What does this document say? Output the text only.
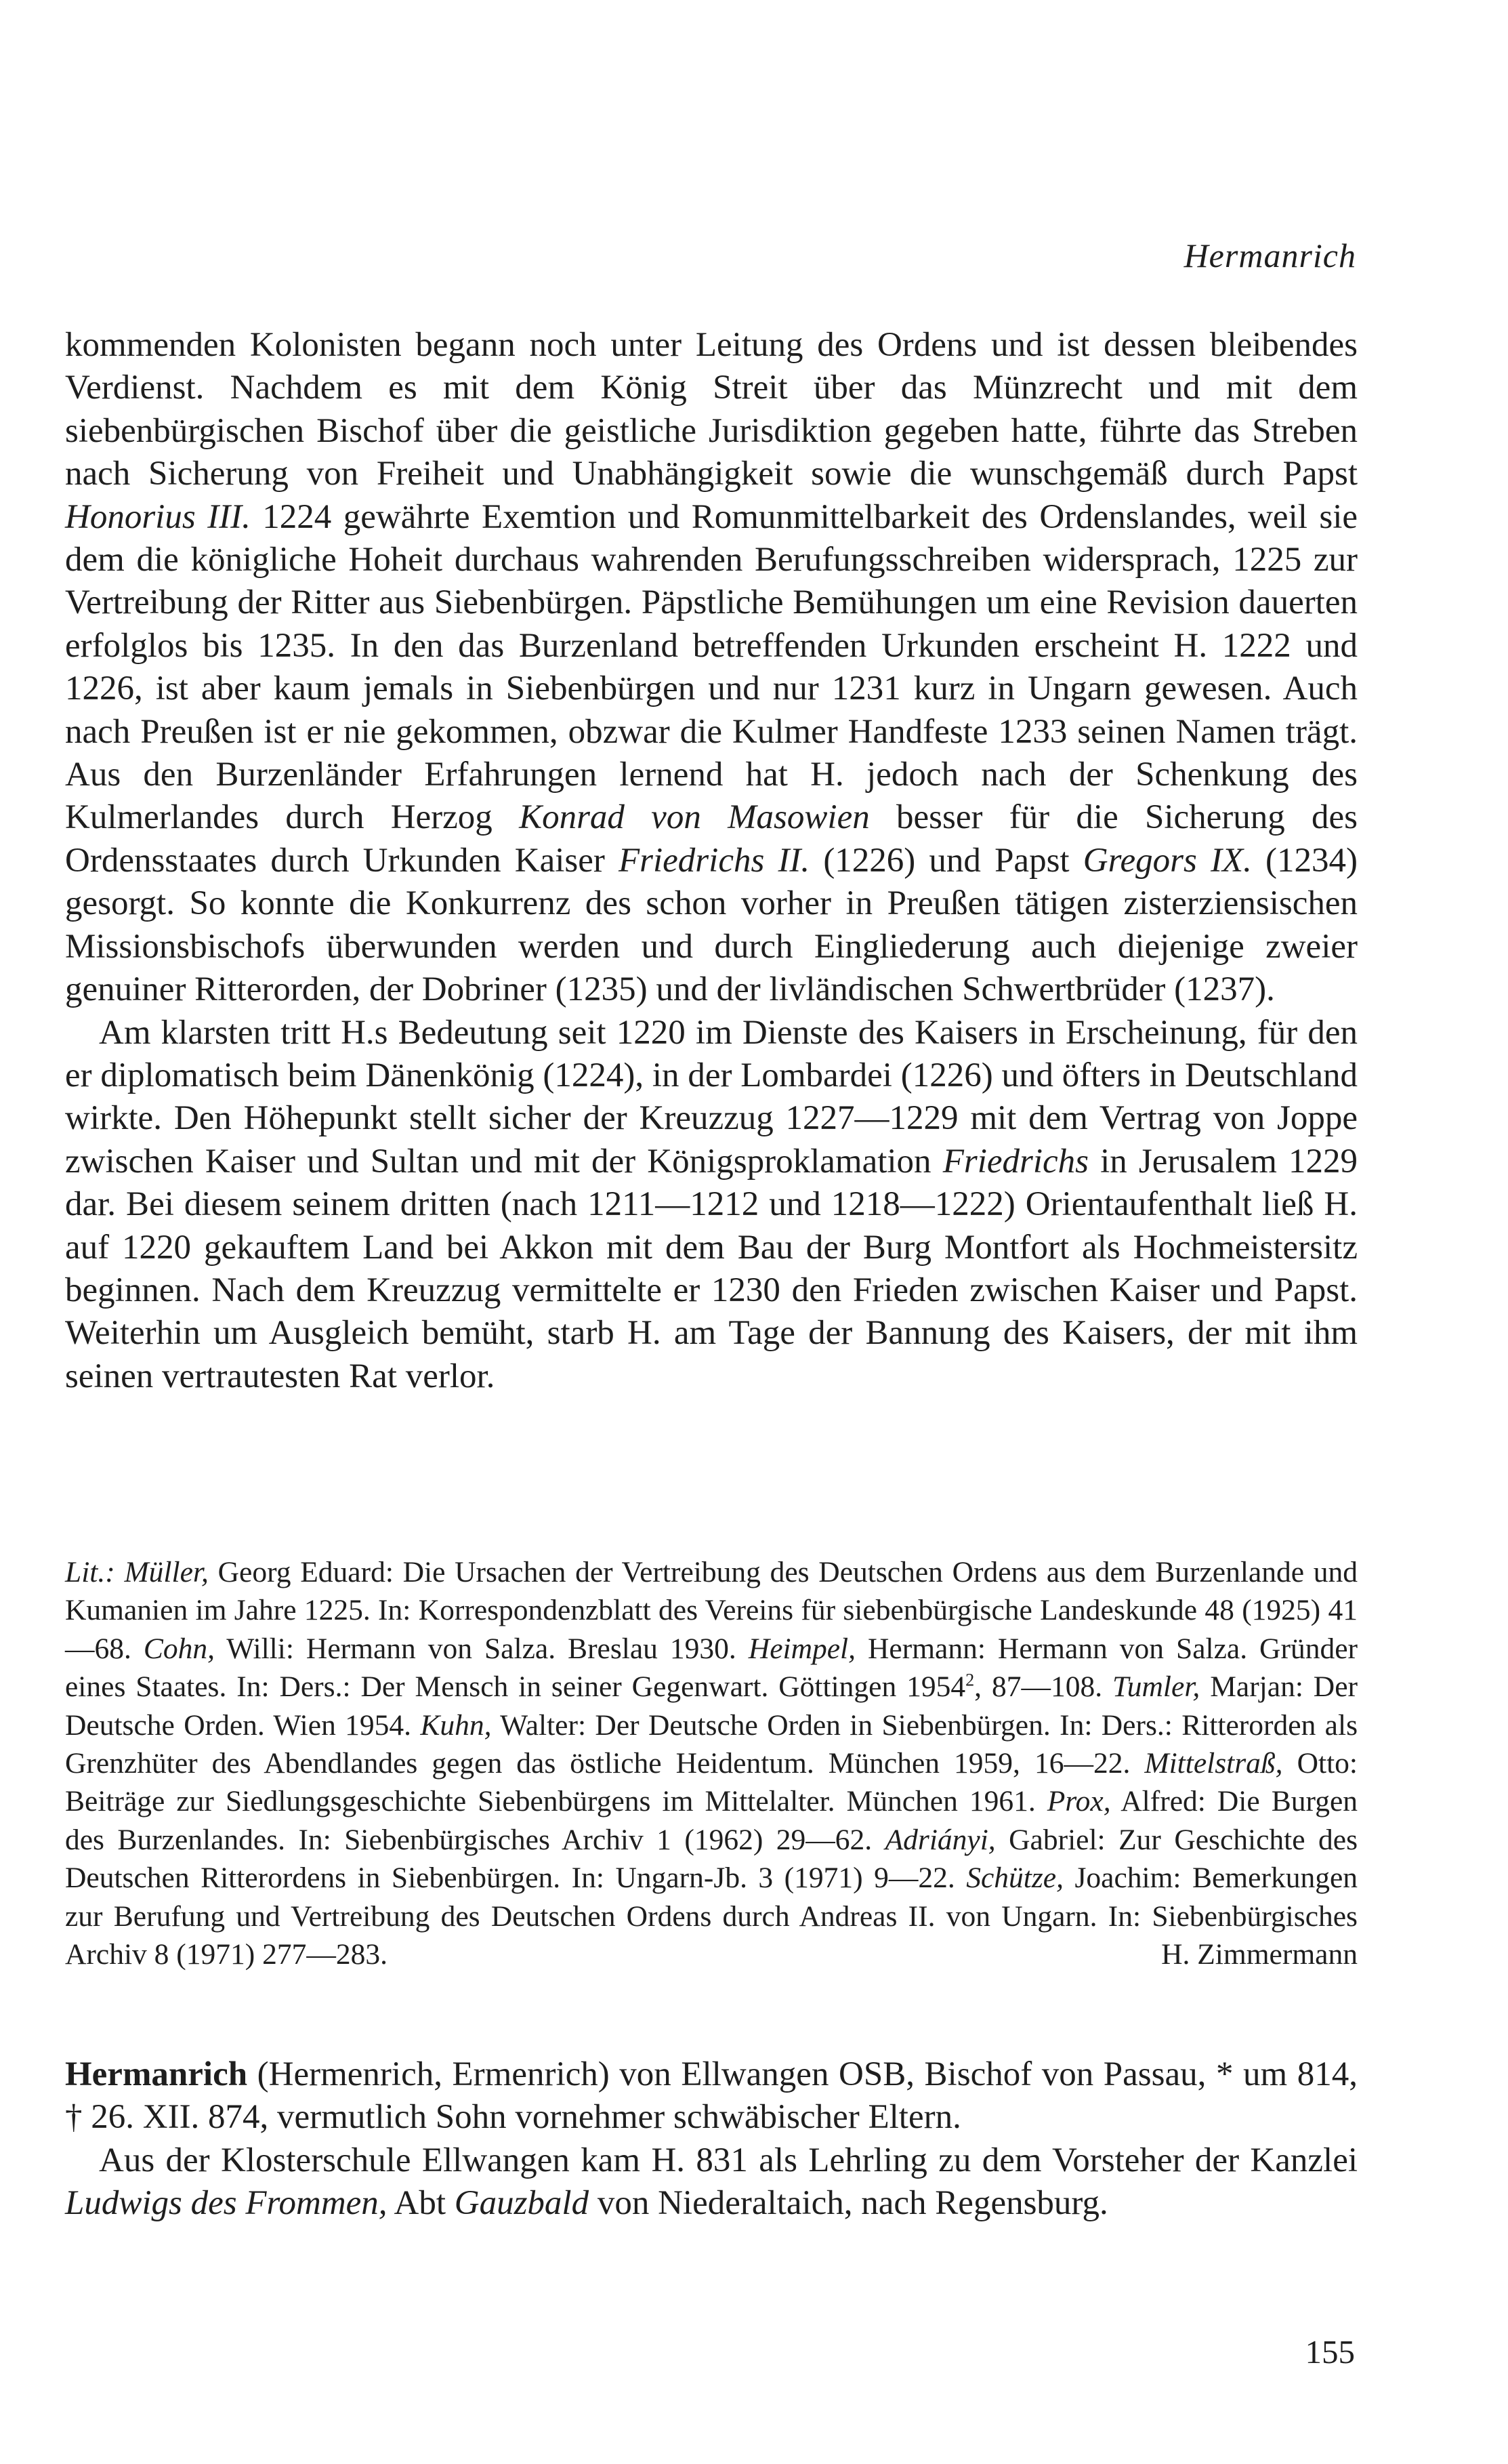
Hermanrich

kommenden Kolonisten begann noch unter Leitung des Ordens und ist dessen bleibendes Verdienst. Nachdem es mit dem König Streit über das Münzrecht und mit dem siebenbürgischen Bischof über die geistliche Jurisdiktion gegeben hatte, führte das Streben nach Sicherung von Freiheit und Unabhängigkeit sowie die wunschgemäß durch Papst Honorius III. 1224 gewährte Exemtion und Romunmittelbarkeit des Ordenslandes, weil sie dem die königliche Hoheit durchaus wahrenden Berufungsschreiben widersprach, 1225 zur Vertreibung der Ritter aus Siebenbürgen. Päpstliche Bemühungen um eine Revision dauerten erfolglos bis 1235. In den das Burzenland betreffenden Urkunden erscheint H. 1222 und 1226, ist aber kaum jemals in Siebenbürgen und nur 1231 kurz in Ungarn gewesen. Auch nach Preußen ist er nie gekommen, obzwar die Kulmer Handfeste 1233 seinen Namen trägt. Aus den Burzenländer Erfahrungen lernend hat H. jedoch nach der Schenkung des Kulmerlandes durch Herzog Konrad von Masowien besser für die Sicherung des Ordensstaates durch Urkunden Kaiser Friedrichs II. (1226) und Papst Gregors IX. (1234) gesorgt. So konnte die Konkurrenz des schon vorher in Preußen tätigen zisterziensischen Missionsbischofs überwunden werden und durch Eingliederung auch diejenige zweier genuiner Ritterorden, der Dobriner (1235) und der livländischen Schwertbrüder (1237).

Am klarsten tritt H.s Bedeutung seit 1220 im Dienste des Kaisers in Erscheinung, für den er diplomatisch beim Dänenkönig (1224), in der Lombardei (1226) und öfters in Deutschland wirkte. Den Höhepunkt stellt sicher der Kreuzzug 1227—1229 mit dem Vertrag von Joppe zwischen Kaiser und Sultan und mit der Königsproklamation Friedrichs in Jerusalem 1229 dar. Bei diesem seinem dritten (nach 1211—1212 und 1218—1222) Orientaufenthalt ließ H. auf 1220 gekauftem Land bei Akkon mit dem Bau der Burg Montfort als Hochmeistersitz beginnen. Nach dem Kreuzzug vermittelte er 1230 den Frieden zwischen Kaiser und Papst. Weiterhin um Ausgleich bemüht, starb H. am Tage der Bannung des Kaisers, der mit ihm seinen vertrautesten Rat verlor.

Lit.: Müller, Georg Eduard: Die Ursachen der Vertreibung des Deutschen Ordens aus dem Burzenlande und Kumanien im Jahre 1225. In: Korrespondenzblatt des Vereins für siebenbürgische Landeskunde 48 (1925) 41—68. Cohn, Willi: Hermann von Salza. Breslau 1930. Heimpel, Hermann: Hermann von Salza. Gründer eines Staates. In: Ders.: Der Mensch in seiner Gegenwart. Göttingen 1954$^2$, 87—108. Tumler, Marjan: Der Deutsche Orden. Wien 1954. Kuhn, Walter: Der Deutsche Orden in Siebenbürgen. In: Ders.: Ritterorden als Grenzhüter des Abendlandes gegen das östliche Heidentum. München 1959, 16—22. Mittelstraß, Otto: Beiträge zur Siedlungsgeschichte Siebenbürgens im Mittelalter. München 1961. Prox, Alfred: Die Burgen des Burzenlandes. In: Siebenbürgisches Archiv 1 (1962) 29—62. Adriányi, Gabriel: Zur Geschichte des Deutschen Ritterordens in Siebenbürgen. In: Ungarn-Jb. 3 (1971) 9—22. Schütze, Joachim: Bemerkungen zur Berufung und Vertreibung des Deutschen Ordens durch Andreas II. von Ungarn. In: Siebenbürgisches Archiv 8 (1971) 277—283.	H. Zimmermann

Hermanrich (Hermenrich, Ermenrich) von Ellwangen OSB, Bischof von Passau, * um 814, † 26. XII. 874, vermutlich Sohn vornehmer schwäbischer Eltern.

Aus der Klosterschule Ellwangen kam H. 831 als Lehrling zu dem Vorsteher der Kanzlei Ludwigs des Frommen, Abt Gauzbald von Niederaltaich, nach Regensburg.

155
